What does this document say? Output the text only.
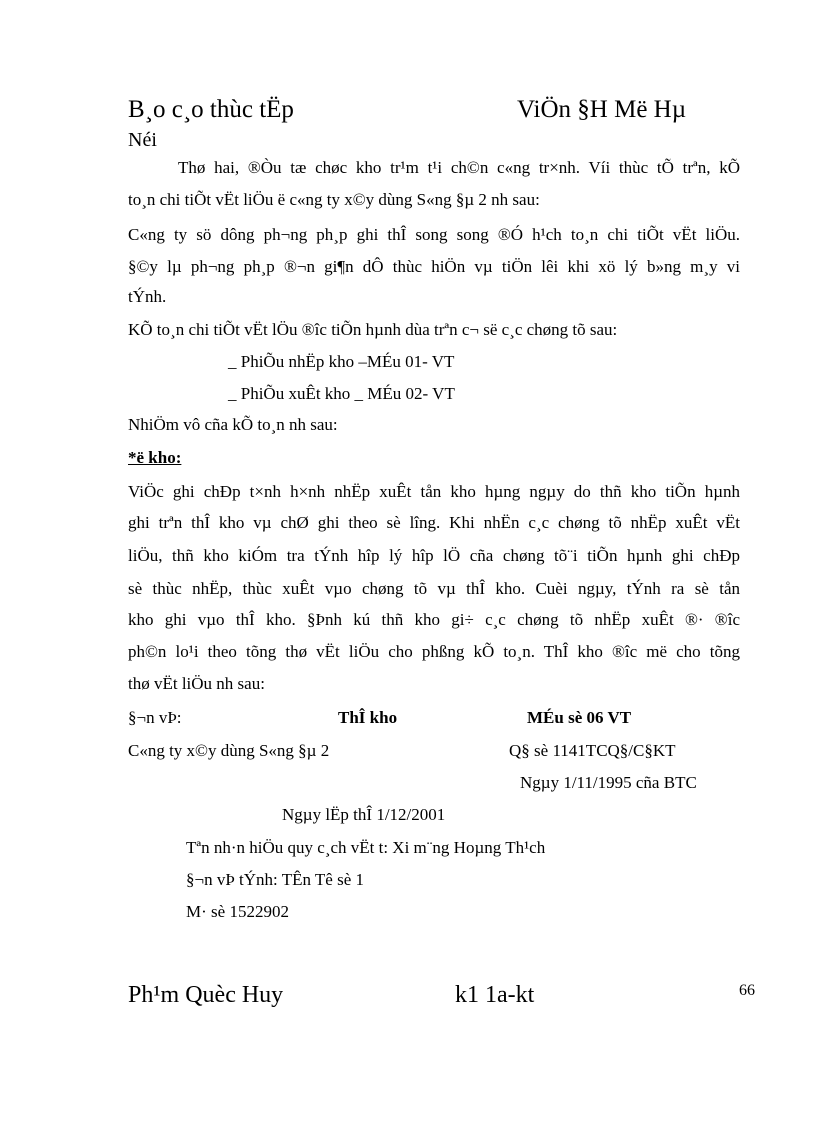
B¸o c¸o thùc tËp	ViÖn §H Më Hµ
Néi
Thø hai, ®Òu tæ chøc kho tr¹m t¹i ch©n c«ng tr×nh. Víi thùc tÕ trªn, kÕ
to¸n chi tiÕt vËt liÖu ë c«ng ty x©y dùng S«ng §µ 2 nh sau:
C«ng ty sö dông ph¬ng ph¸p ghi thÎ song song ®Ó h¹ch to¸n chi tiÕt vËt liÖu.
§©y lµ ph¬ng ph¸p ®¬n gi¶n dÔ thùc hiÖn vµ tiÖn lêi khi xö lý b»ng m¸y vi
tÝnh.
KÕ to¸n chi tiÕt vËt lÖu ®îc tiÕn hµnh dùa trªn c¬ së c¸c chøng tõ sau:
_ PhiÕu nhËp kho –MÉu 01- VT
_ PhiÕu xuÊt kho _ MÉu 02- VT
NhiÖm vô cña kÕ to¸n nh sau:
*ë kho:
ViÖc ghi chÐp t×nh h×nh nhËp xuÊt tån kho hµng ngµy do thñ kho tiÕn hµnh
ghi trªn thÎ kho vµ chØ ghi theo sè lîng. Khi nhËn c¸c chøng tõ nhËp xuÊt vËt
liÖu, thñ kho kiÓm tra tÝnh hîp lý hîp lÖ cña chøng tõ¨i tiÕn hµnh ghi chÐp
sè thùc nhËp, thùc xuÊt vµo chøng tõ vµ thÎ kho. Cuèi ngµy, tÝnh ra sè tån
kho ghi vµo thÎ kho. §Þnh kú thñ kho gi÷ c¸c chøng tõ nhËp xuÊt ®· ®îc
ph©n lo¹i theo tõng thø vËt liÖu cho phßng kÕ to¸n. ThÎ kho ®îc më cho tõng
thø vËt liÖu nh sau:
§¬n vÞ:	ThÎ kho	MÉu sè 06 VT
C«ng ty x©y dùng S«ng §µ 2	Q§ sè 1141TCQ§/C§KT
Ngµy 1/11/1995 cña BTC
Ngµy lËp thÎ 1/12/2001
Tªn nh·n hiÖu quy c¸ch vËt t: Xi m¨ng Hoµng Th¹ch
§¬n vÞ tÝnh: TÊn Tê sè 1
M· sè 1522902
Ph¹m Quèc Huy	k1 1a-kt	66
